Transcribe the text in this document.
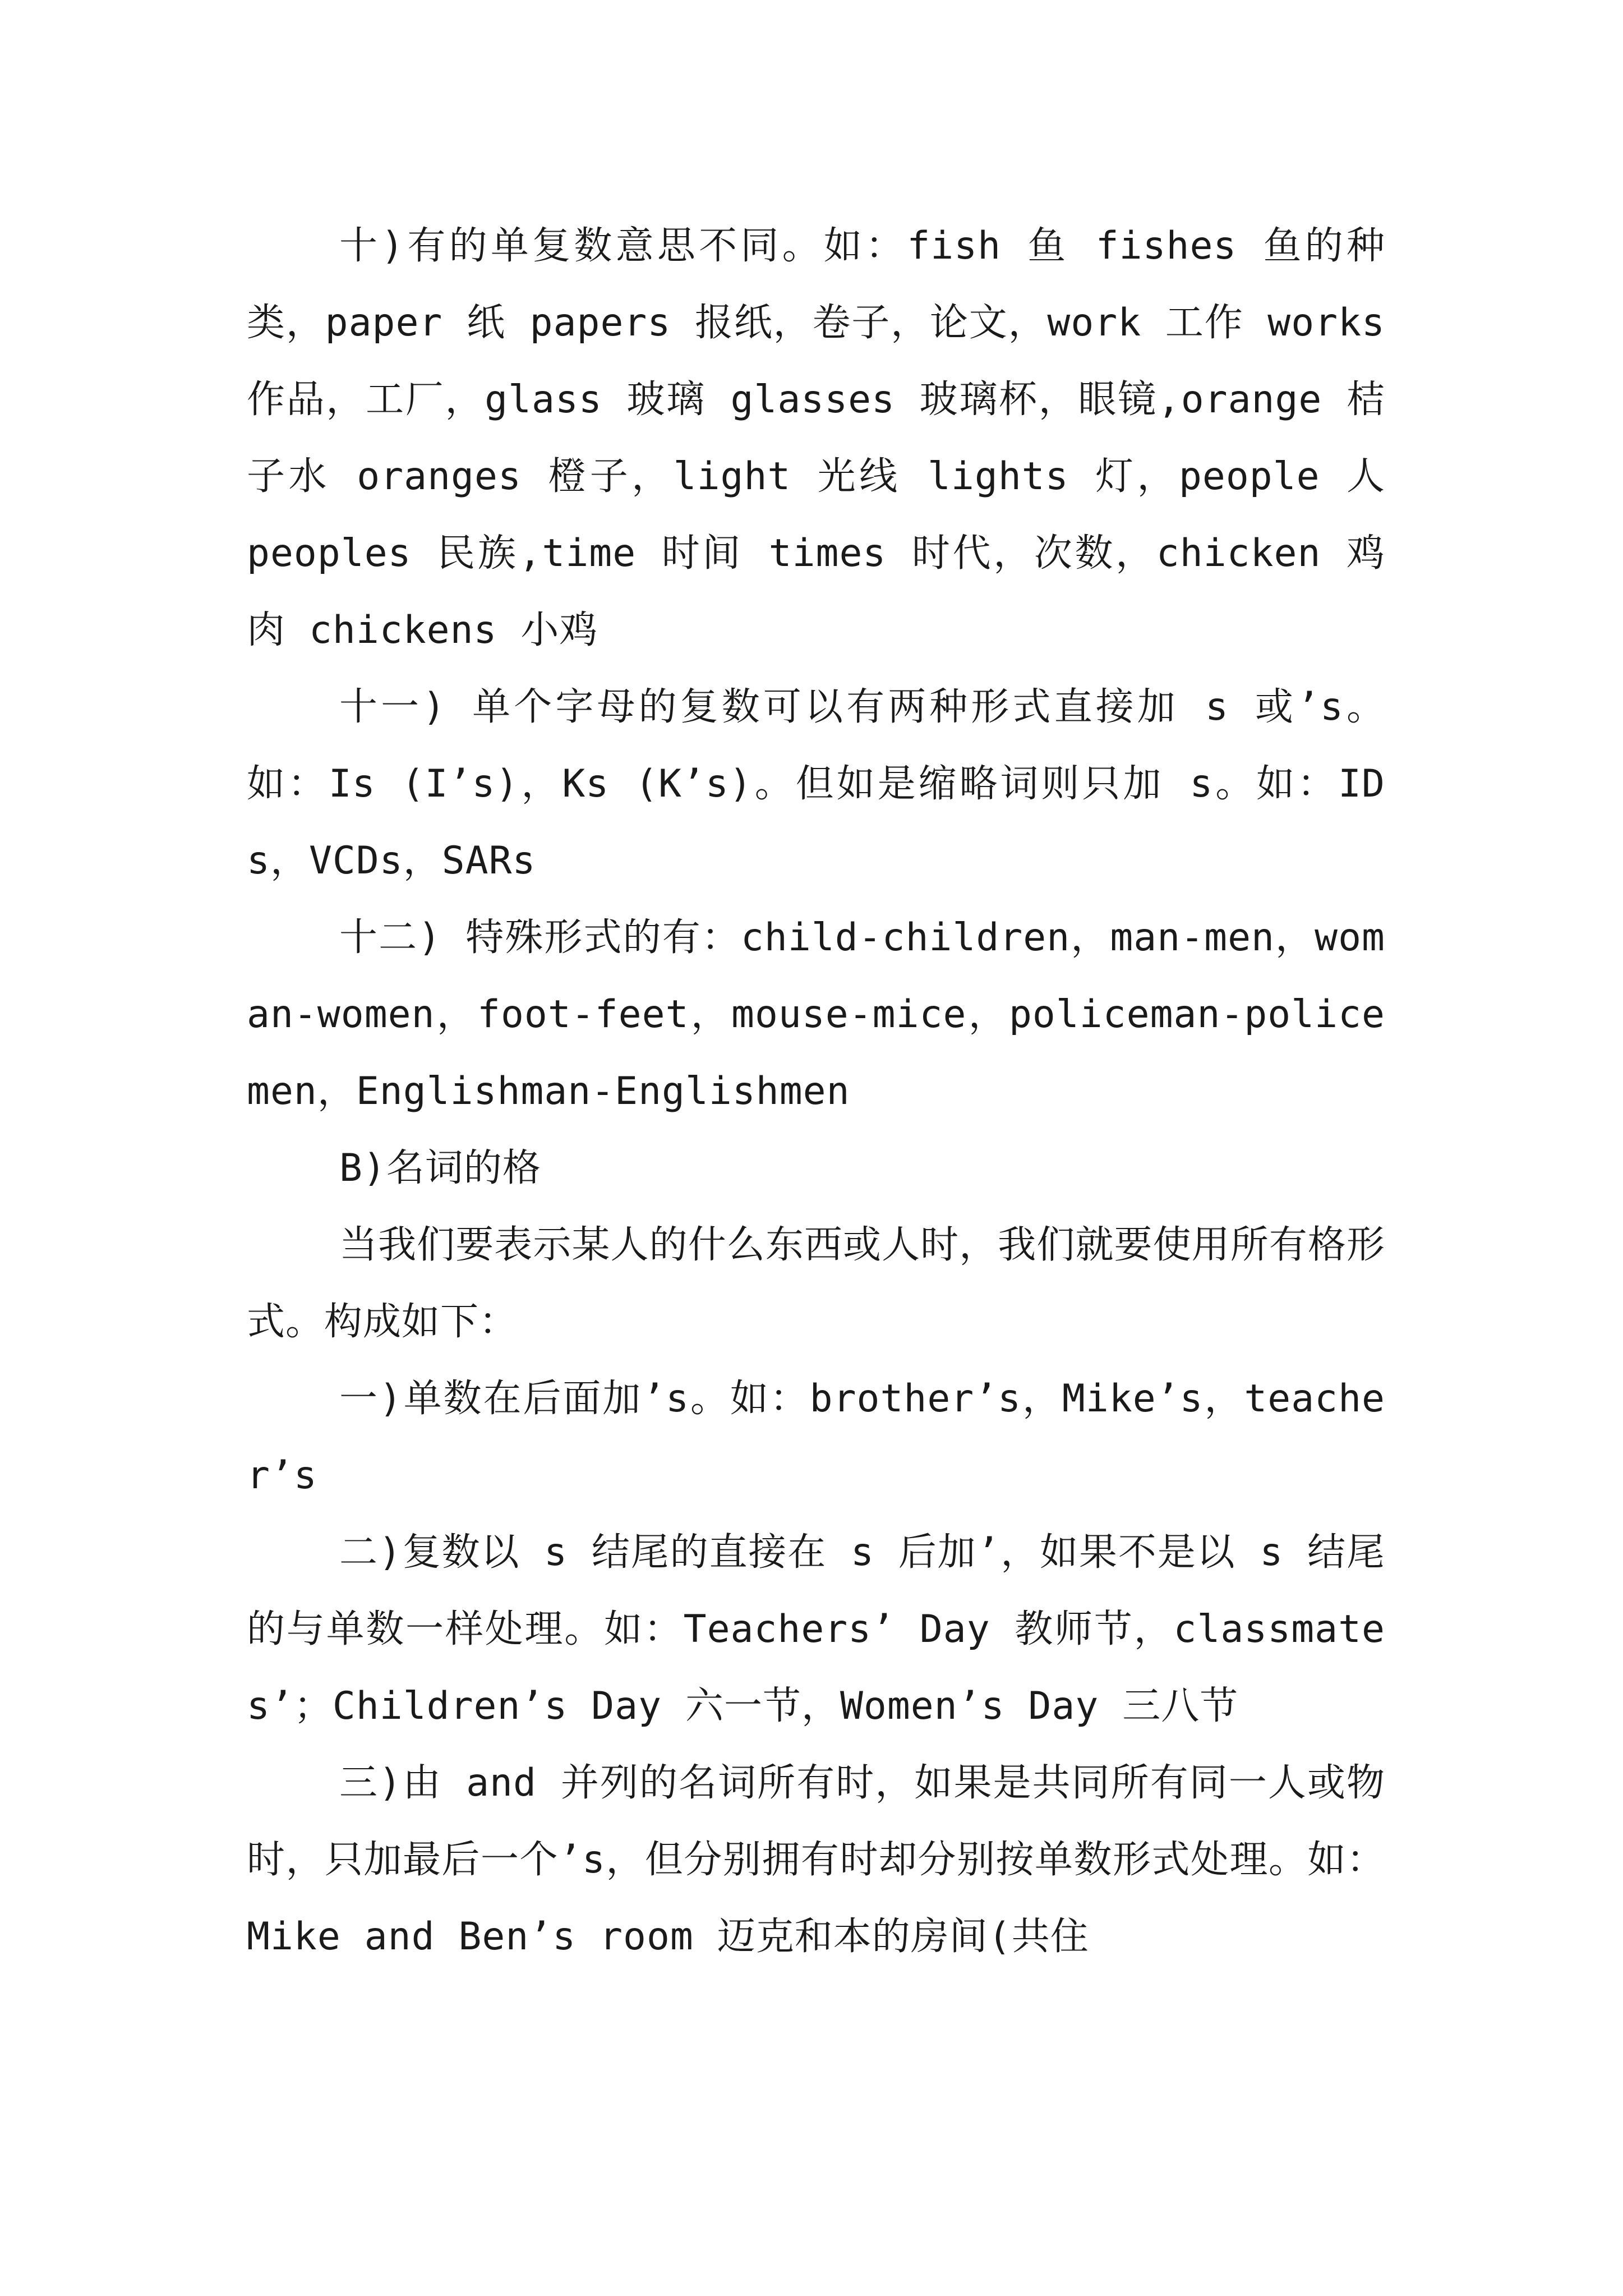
十)有的单复数意思不同。如：fish 鱼 fishes 鱼的种类，paper 纸 papers 报纸，卷子，论文，work 工作 works 作品，工厂，glass 玻璃 glasses 玻璃杯，眼镜,orange 桔子水 oranges 橙子，light 光线 lights 灯，people 人 peoples 民族,time 时间 times 时代，次数，chicken 鸡肉 chickens 小鸡

十一) 单个字母的复数可以有两种形式直接加 s 或’s。如：Is (I’s)，Ks (K’s)。但如是缩略词则只加 s。如：IDs，VCDs，SARs

十二) 特殊形式的有：child-children，man-men，woman-women，foot-feet，mouse-mice，policeman-policemen，Englishman-Englishmen

B)名词的格

当我们要表示某人的什么东西或人时，我们就要使用所有格形式。构成如下：

一)单数在后面加’s。如：brother’s，Mike’s，teacher’s

二)复数以 s 结尾的直接在 s 后加’，如果不是以 s 结尾的与单数一样处理。如：Teachers’ Day 教师节，classmates’；Children’s Day 六一节，Women’s Day 三八节

三)由 and 并列的名词所有时，如果是共同所有同一人或物时，只加最后一个’s，但分别拥有时却分别按单数形式处理。如：Mike and Ben’s room 迈克和本的房间(共住
